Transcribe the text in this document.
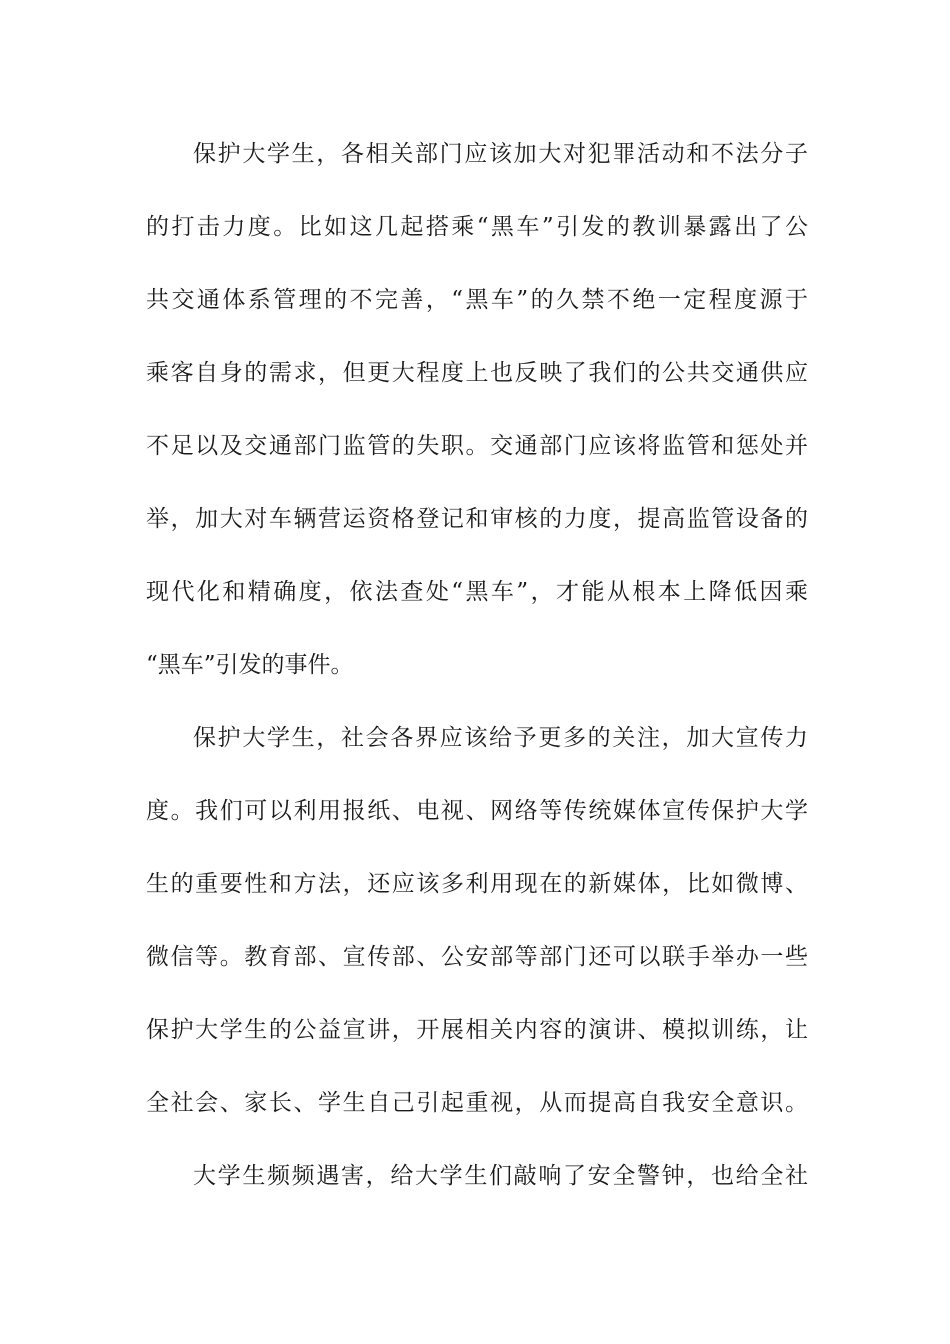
保护大学生，各相关部门应该加大对犯罪活动和不法分子
的打击力度。比如这几起搭乘“黑车”引发的教训暴露出了公
共交通体系管理的不完善，“黑车”的久禁不绝一定程度源于
乘客自身的需求，但更大程度上也反映了我们的公共交通供应
不足以及交通部门监管的失职。交通部门应该将监管和惩处并
举，加大对车辆营运资格登记和审核的力度，提高监管设备的
现代化和精确度，依法查处“黑车”，才能从根本上降低因乘
“黑车”引发的事件。
保护大学生，社会各界应该给予更多的关注，加大宣传力
度。我们可以利用报纸、电视、网络等传统媒体宣传保护大学
生的重要性和方法，还应该多利用现在的新媒体，比如微博、
微信等。教育部、宣传部、公安部等部门还可以联手举办一些
保护大学生的公益宣讲，开展相关内容的演讲、模拟训练，让
全社会、家长、学生自己引起重视，从而提高自我安全意识。
大学生频频遇害，给大学生们敲响了安全警钟，也给全社
